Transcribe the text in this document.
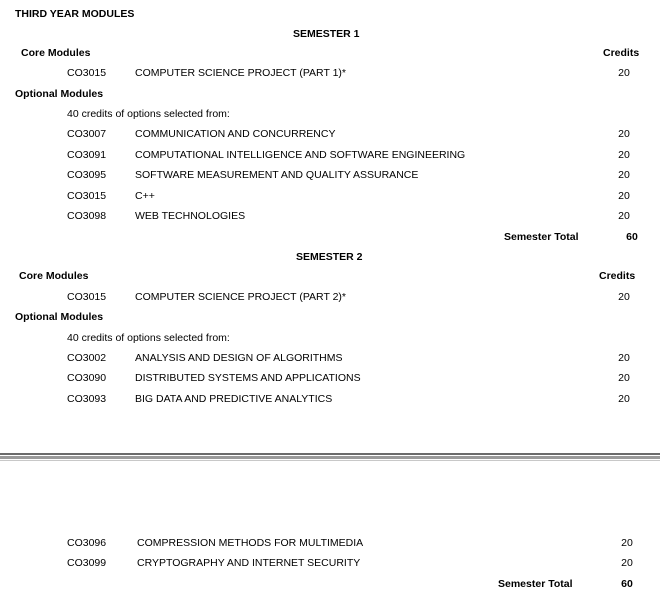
THIRD YEAR MODULES
SEMESTER 1
Core Modules	Credits
CO3015	COMPUTER SCIENCE PROJECT (PART 1)*	20
Optional Modules
40 credits of options selected from:
CO3007	COMMUNICATION AND CONCURRENCY	20
CO3091	COMPUTATIONAL INTELLIGENCE AND SOFTWARE ENGINEERING	20
CO3095	SOFTWARE MEASUREMENT AND QUALITY ASSURANCE	20
CO3015	C++	20
CO3098	WEB TECHNOLOGIES	20
Semester Total	60
SEMESTER 2
Core Modules	Credits
CO3015	COMPUTER SCIENCE PROJECT (PART 2)*	20
Optional Modules
40 credits of options selected from:
CO3002	ANALYSIS AND DESIGN OF ALGORITHMS	20
CO3090	DISTRIBUTED SYSTEMS AND APPLICATIONS	20
CO3093	BIG DATA AND PREDICTIVE ANALYTICS	20
CO3096	COMPRESSION METHODS FOR MULTIMEDIA	20
CO3099	CRYPTOGRAPHY AND INTERNET SECURITY	20
Semester Total	60
